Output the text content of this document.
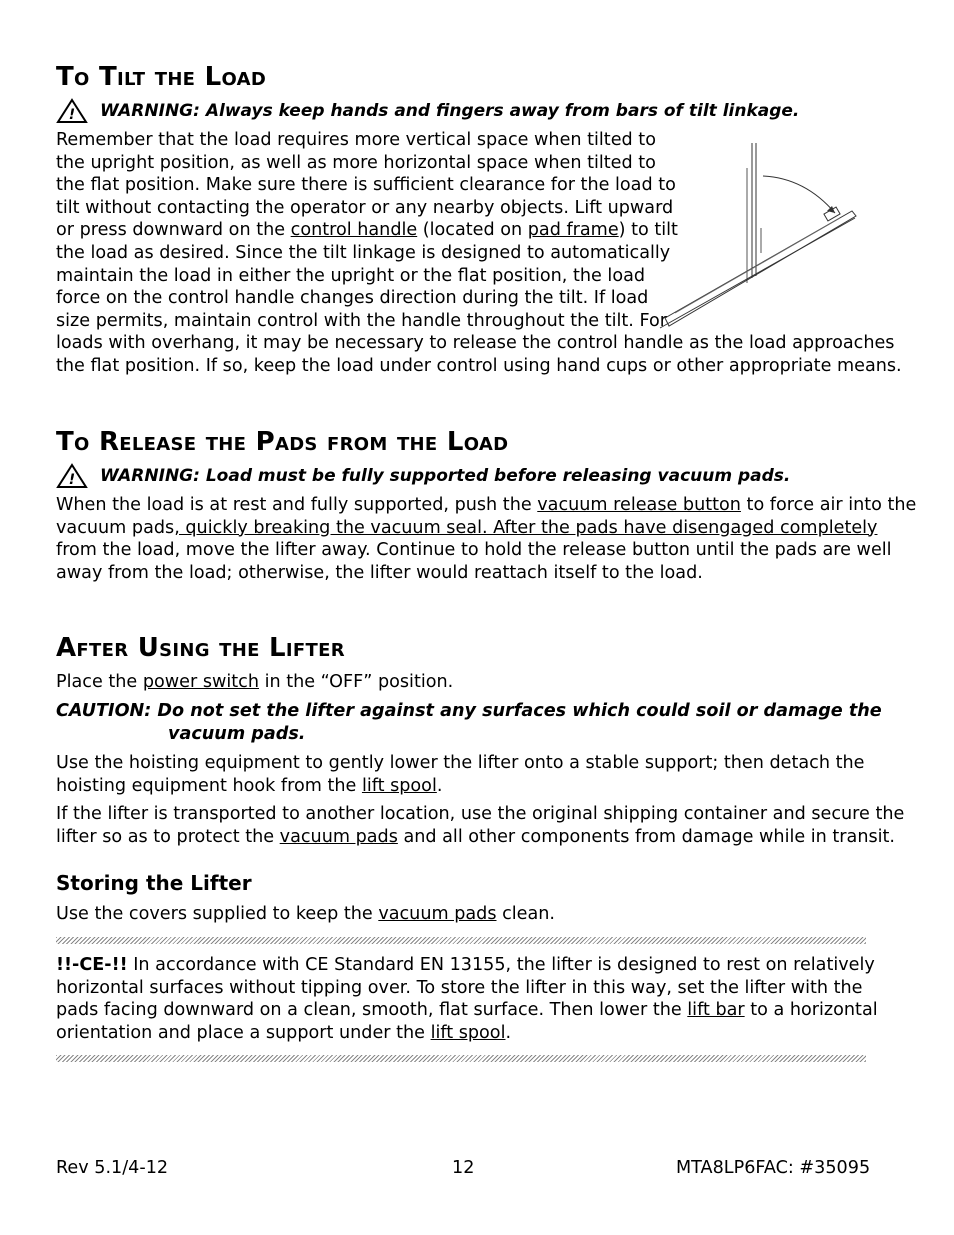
To Tilt the Load
! WARNING: Always keep hands and fingers away from bars of tilt linkage.

Remember that the load requires more vertical space when tilted to

the upright position, as well as more horizontal space when tilted to

the flat position. Make sure there is sufficient clearance for the load to

tilt without contacting the operator or any nearby objects. Lift upward

or press downward on the control handle (located on pad frame) to tilt

the load as desired. Since the tilt linkage is designed to automatically

maintain the load in either the upright or the flat position, the load

force on the control handle changes direction during the tilt. If load

size permits, maintain control with the handle throughout the tilt. For

loads with overhang, it may be necessary to release the control handle as the load approaches

the flat position. If so, keep the load under control using hand cups or other appropriate means.

To Release the Pads from the Load
! WARNING: Load must be fully supported before releasing vacuum pads.

When the load is at rest and fully supported, push the vacuum release button to force air into the

vacuum pads, quickly breaking the vacuum seal. After the pads have disengaged completely

from the load, move the lifter away. Continue to hold the release button until the pads are well

away from the load; otherwise, the lifter would reattach itself to the load.

After Using the Lifter

Place the power switch in the “OFF” position.

CAUTION: Do not set the lifter against any surfaces which could soil or damage the
vacuum pads.

Use the hoisting equipment to gently lower the lifter onto a stable support; then detach the

hoisting equipment hook from the lift spool.

If the lifter is transported to another location, use the original shipping container and secure the

lifter so as to protect the vacuum pads and all other components from damage while in transit.

Storing the Lifter

Use the covers supplied to keep the vacuum pads clean.

!!-CE-!! In accordance with CE Standard EN 13155, the lifter is designed to rest on relatively

horizontal surfaces without tipping over. To store the lifter in this way, set the lifter with the

pads facing downward on a clean, smooth, flat surface. Then lower the lift bar to a horizontal

orientation and place a support under the lift spool.

Rev 5.1/4-12	12	MTA8LP6FAC: #35095
